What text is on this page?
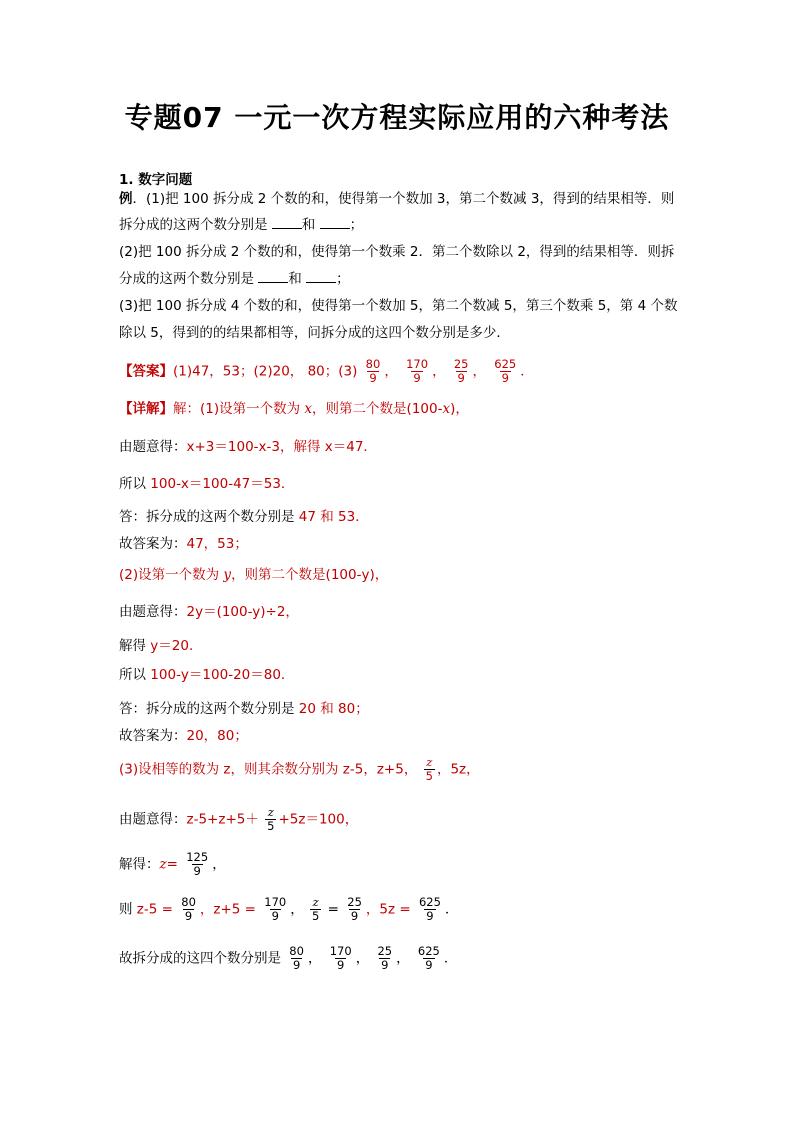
专题07 一元一次方程实际应用的六种考法
1. 数字问题
例．(1)把 100 拆分成 2 个数的和，使得第一个数加 3，第二个数减 3，得到的结果相等．则
拆分成的这两个数分别是 和 ；
(2)把 100 拆分成 2 个数的和，使得第一个数乘 2．第二个数除以 2，得到的结果相等．则拆
分成的这两个数分别是 和 ；
(3)把 100 拆分成 4 个数的和，使得第一个数加 5，第二个数减 5，第三个数乘 5，第 4 个数
除以 5，得到的的结果都相等，问拆分成的这四个数分别是多少．
【答案】(1)47，53；(2)20， 80；$(3) \frac{80}{9}$ ， $\frac{170}{9}$ ， $\frac{25}{9}$ ， $\frac{625}{9}$ ．
【详解】解：(1)设第一个数为 x，则第二个数是(100-x)，
由题意得：x+3＝100-x-3，解得 x＝47．
所以 100-x＝100-47＝53．
答：拆分成的这两个数分别是 47 和 53．
故答案为：47，53；
(2)设第一个数为 y，则第二个数是(100-y)，
由题意得：2y＝(100-y)÷2，
解得 y＝20．
所以 100-y＝100-20＝80．
答：拆分成的这两个数分别是 20 和 80；
故答案为：20，80；
(3)设相等的数为 z，则其余数分别为 z-5，z+5， $\frac{z}{5}$ ，5z，
由题意得：$z-5+z+5+ \frac{z}{5} +5z=100$，
解得：$z= \frac{125}{9}$ ，
则 $z-5 = \frac{80}{9}$ ，$z+5 = \frac{170}{9}$ ， $\frac{z}{5} = \frac{25}{9}$ ，$5z = \frac{625}{9}$ ．
故拆分成的这四个数分别是 $\frac{80}{9}$ ， $\frac{170}{9}$ ， $\frac{25}{9}$ ， $\frac{625}{9}$ ．
